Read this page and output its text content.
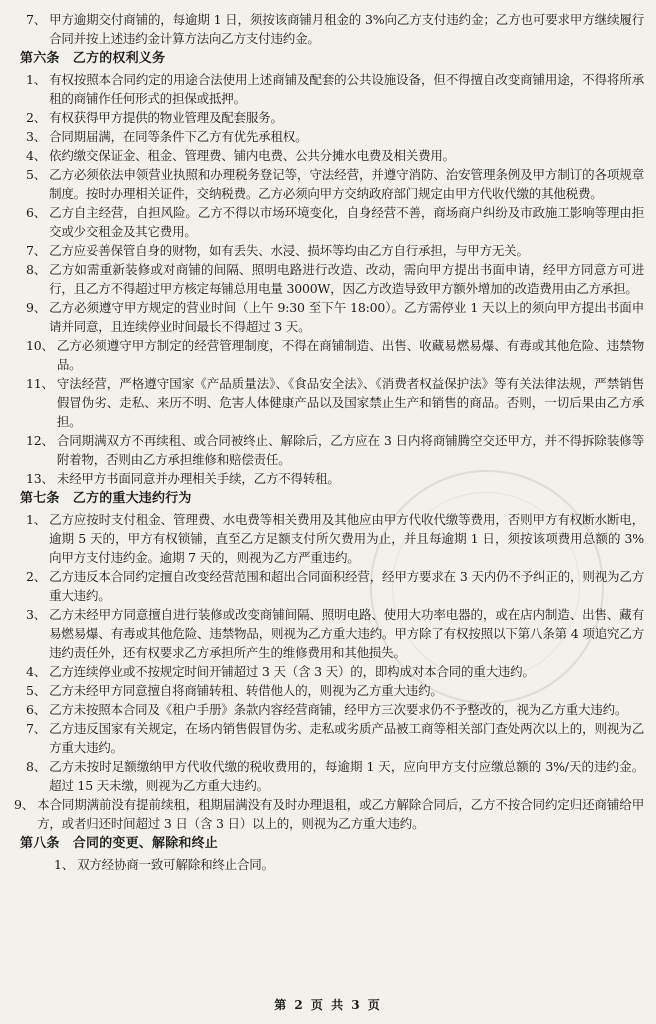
7、 甲方逾期交付商铺的，每逾期 1 日，须按该商铺月租金的 3%向乙方支付违约金；乙方也可要求甲方继续履行合同并按上述违约金计算方法向乙方支付违约金。
第六条　乙方的权利义务
1、 有权按照本合同约定的用途合法使用上述商铺及配套的公共设施设备，但不得擅自改变商铺用途，不得将所承租的商铺作任何形式的担保或抵押。
2、 有权获得甲方提供的物业管理及配套服务。
3、 合同期届满，在同等条件下乙方有优先承租权。
4、 依约缴交保证金、租金、管理费、铺内电费、公共分摊水电费及相关费用。
5、 乙方必须依法申领营业执照和办理税务登记等，守法经营，并遵守消防、治安管理条例及甲方制订的各项规章制度。按时办理相关证件，交纳税费。乙方必须向甲方交纳政府部门规定由甲方代收代缴的其他税费。
6、 乙方自主经营，自担风险。乙方不得以市场环境变化，自身经营不善，商场商户纠纷及市政施工影响等理由拒交或少交租金及其它费用。
7、 乙方应妥善保管自身的财物，如有丢失、水浸、损坏等均由乙方自行承担，与甲方无关。
8、 乙方如需重新装修或对商铺的间隔、照明电路进行改造、改动，需向甲方提出书面申请，经甲方同意方可进行，且乙方不得超过甲方核定每铺总用电量 3000W，因乙方改造导致甲方额外增加的改造费用由乙方承担。
9、 乙方必须遵守甲方规定的营业时间（上午 9:30 至下午 18:00）。乙方需停业 1 天以上的须向甲方提出书面申请并同意，且连续停业时间最长不得超过 3 天。
10、 乙方必须遵守甲方制定的经营管理制度，不得在商铺制造、出售、收藏易燃易爆、有毒或其他危险、违禁物品。
11、 守法经营，严格遵守国家《产品质量法》、《食品安全法》、《消费者权益保护法》等有关法律法规，严禁销售假冒伪劣、走私、来历不明、危害人体健康产品以及国家禁止生产和销售的商品。否则，一切后果由乙方承担。
12、 合同期满双方不再续租、或合同被终止、解除后，乙方应在 3 日内将商铺腾空交还甲方，并不得拆除装修等附着物，否则由乙方承担维修和赔偿责任。
13、 未经甲方书面同意并办理相关手续，乙方不得转租。
第七条　乙方的重大违约行为
1、 乙方应按时支付租金、管理费、水电费等相关费用及其他应由甲方代收代缴等费用，否则甲方有权断水断电，逾期 5 天的，甲方有权锁铺，直至乙方足额支付所欠费用为止，并且每逾期 1 日，须按该项费用总额的 3%向甲方支付违约金。逾期 7 天的，则视为乙方严重违约。
2、 乙方违反本合同约定擅自改变经营范围和超出合同面积经营，经甲方要求在 3 天内仍不予纠正的，则视为乙方重大违约。
3、 乙方未经甲方同意擅自进行装修或改变商铺间隔、照明电路、使用大功率电器的，或在店内制造、出售、藏有易燃易爆、有毒或其他危险、违禁物品，则视为乙方重大违约。甲方除了有权按照以下第八条第 4 项追究乙方违约责任外，还有权要求乙方承担所产生的维修费用和其他损失。
4、 乙方连续停业或不按规定时间开铺超过 3 天（含 3 天）的，即构成对本合同的重大违约。
5、 乙方未经甲方同意擅自将商铺转租、转借他人的，则视为乙方重大违约。
6、 乙方未按照本合同及《租户手册》条款内容经营商铺，经甲方三次要求仍不予整改的，视为乙方重大违约。
7、 乙方违反国家有关规定，在场内销售假冒伪劣、走私或劣质产品被工商等相关部门查处两次以上的，则视为乙方重大违约。
8、 乙方未按时足额缴纳甲方代收代缴的税收费用的，每逾期 1 天，应向甲方支付应缴总额的 3%/天的违约金。超过 15 天未缴，则视为乙方重大违约。
9、 本合同期满前没有提前续租，租期届满没有及时办理退租，或乙方解除合同后，乙方不按合同约定归还商铺给甲方，或者归还时间超过 3 日（含 3 日）以上的，则视为乙方重大违约。
第八条　合同的变更、解除和终止
1、 双方经协商一致可解除和终止合同。
第 2 页 共 3 页
